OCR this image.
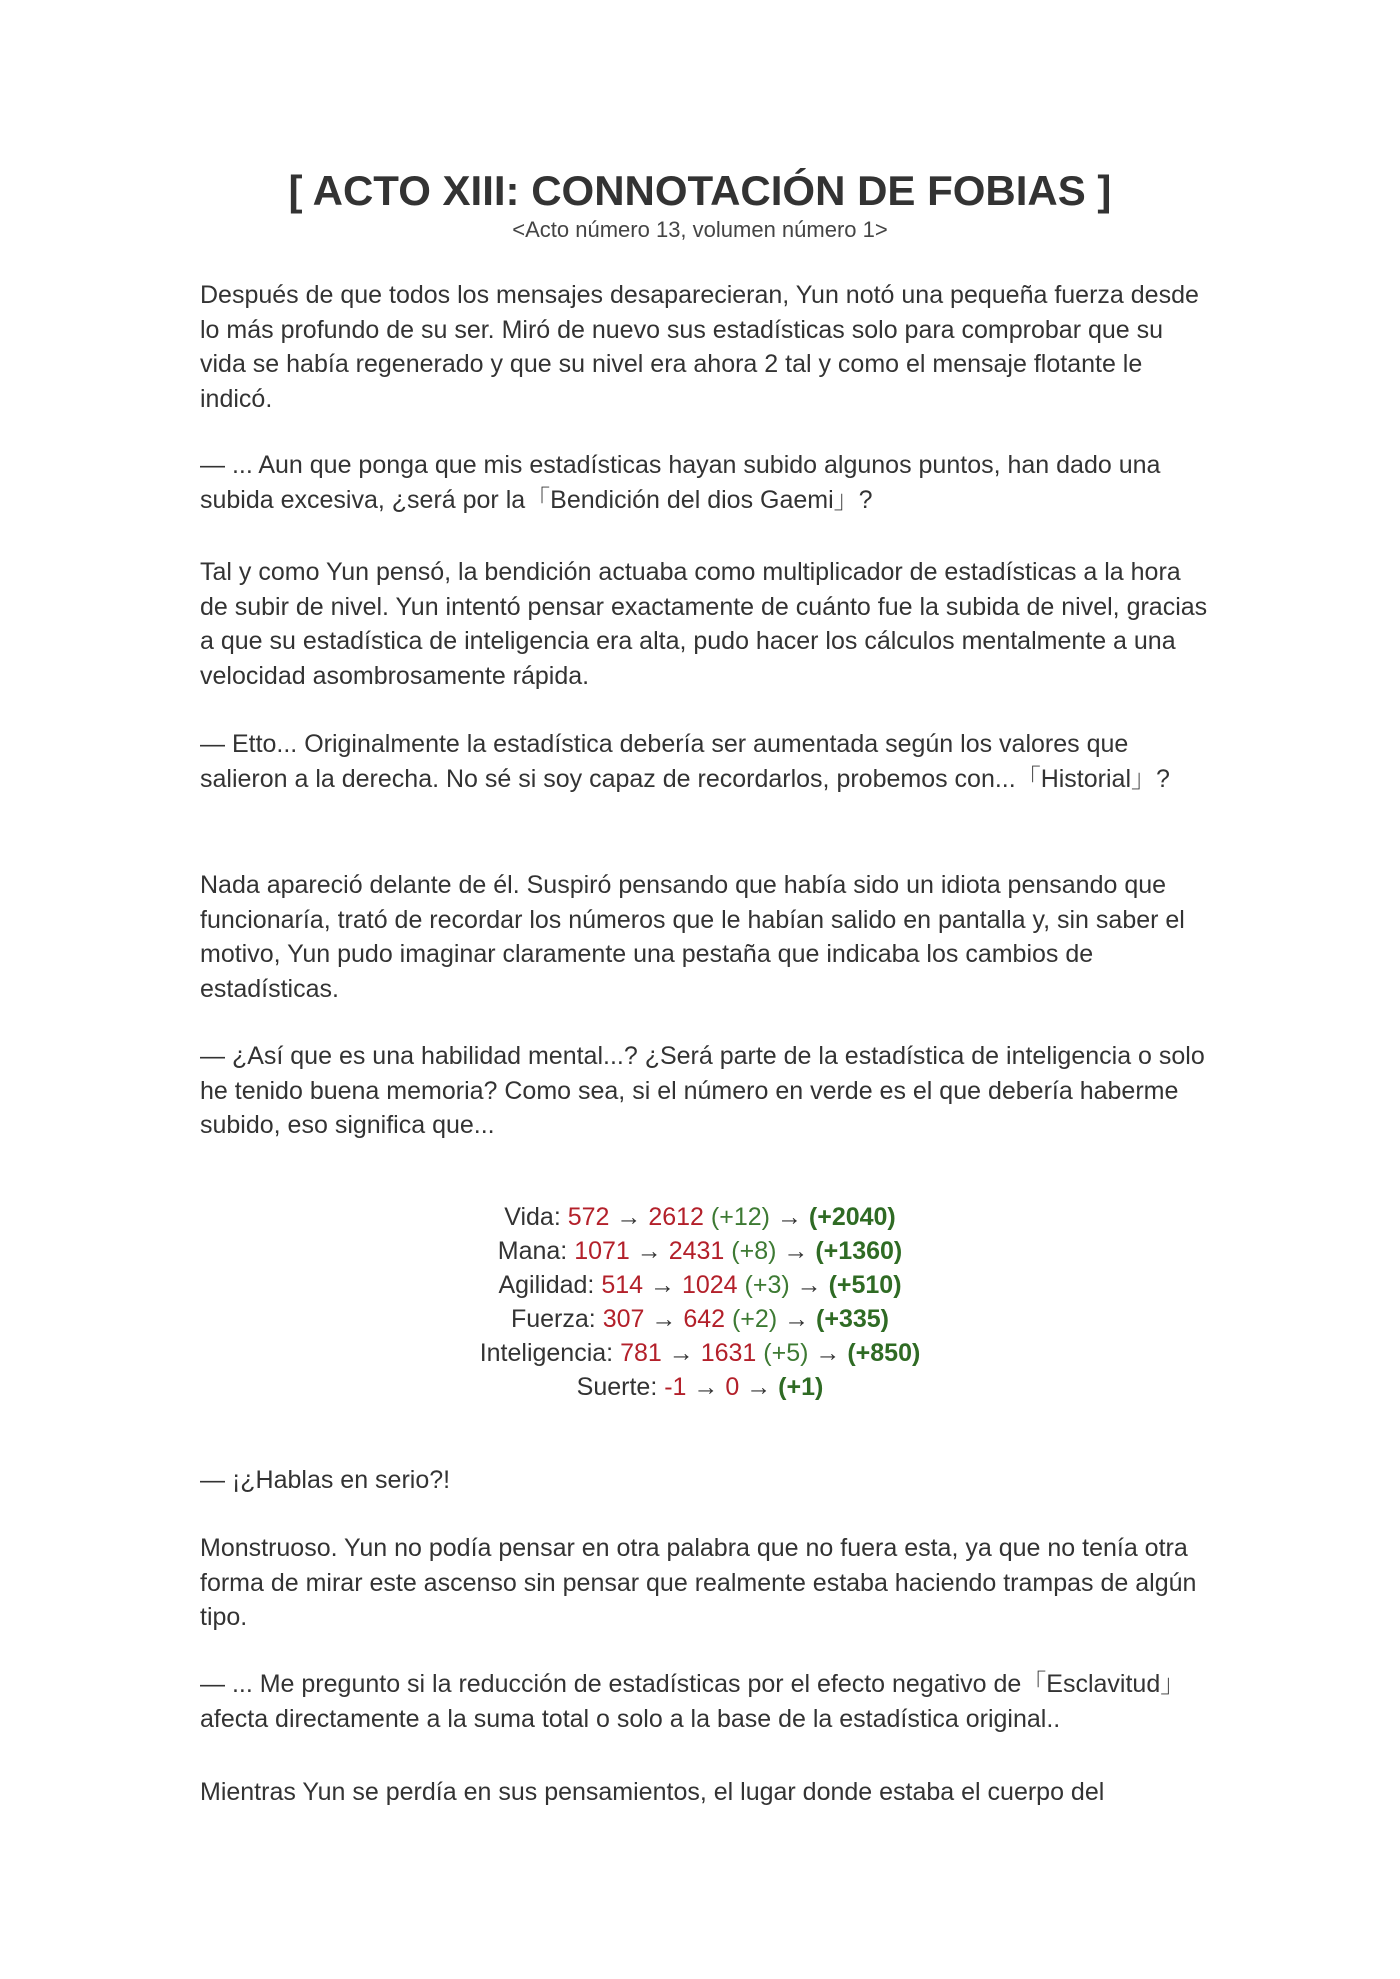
[ ACTO XIII: CONNOTACIÓN DE FOBIAS ]

<Acto número 13, volumen número 1>

Después de que todos los mensajes desaparecieran, Yun notó una pequeña fuerza desde lo más profundo de su ser. Miró de nuevo sus estadísticas solo para comprobar que su vida se había regenerado y que su nivel era ahora 2 tal y como el mensaje flotante le indicó.

— ... Aun que ponga que mis estadísticas hayan subido algunos puntos, han dado una subida excesiva, ¿será por la「Bendición del dios Gaemi」?

Tal y como Yun pensó, la bendición actuaba como multiplicador de estadísticas a la hora de subir de nivel. Yun intentó pensar exactamente de cuánto fue la subida de nivel, gracias a que su estadística de inteligencia era alta, pudo hacer los cálculos mentalmente a una velocidad asombrosamente rápida.

— Etto... Originalmente la estadística debería ser aumentada según los valores que salieron a la derecha. No sé si soy capaz de recordarlos, probemos con...「Historial」?

Nada apareció delante de él. Suspiró pensando que había sido un idiota pensando que funcionaría, trató de recordar los números que le habían salido en pantalla y, sin saber el motivo, Yun pudo imaginar claramente una pestaña que indicaba los cambios de estadísticas.

— ¿Así que es una habilidad mental...? ¿Será parte de la estadística de inteligencia o solo he tenido buena memoria? Como sea, si el número en verde es el que debería haberme subido, eso significa que...

Vida: 572 → 2612 (+12) → (+2040)

Mana: 1071 → 2431 (+8) → (+1360)

Agilidad: 514 → 1024 (+3) → (+510)

Fuerza: 307 → 642 (+2) → (+335)

Inteligencia: 781 → 1631 (+5) → (+850)

Suerte: -1 → 0 → (+1)

— ¡¿Hablas en serio?!

Monstruoso. Yun no podía pensar en otra palabra que no fuera esta, ya que no tenía otra forma de mirar este ascenso sin pensar que realmente estaba haciendo trampas de algún tipo.

— ... Me pregunto si la reducción de estadísticas por el efecto negativo de「Esclavitud」afecta directamente a la suma total o solo a la base de la estadística original..

Mientras Yun se perdía en sus pensamientos, el lugar donde estaba el cuerpo del
